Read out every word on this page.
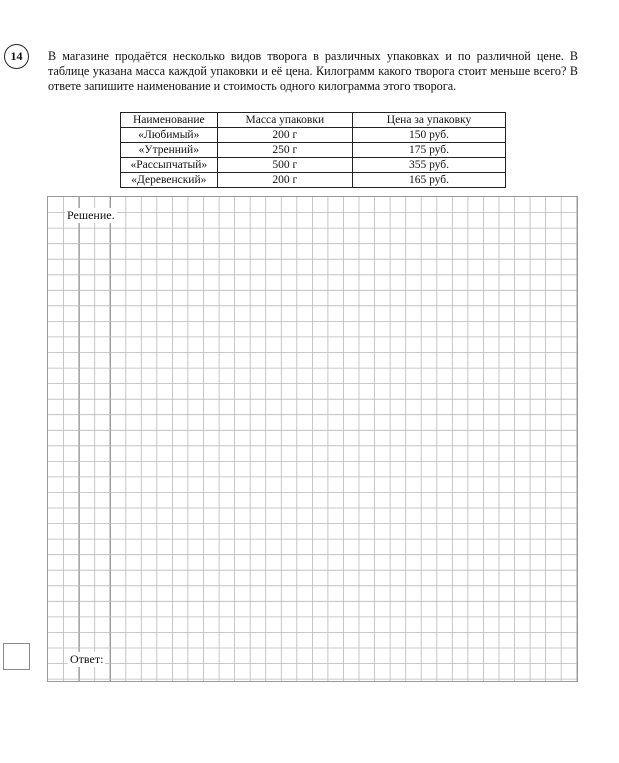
14 В магазине продаётся несколько видов творога в различных упаковках и по различной цене. В таблице указана масса каждой упаковки и её цена. Килограмм какого творога стоит меньше всего? В ответе запишите наименование и стоимость одного килограмма этого творога.

Наименование	Масса упаковки	Цена за упаковку
«Любимый»	200 г	150 руб.
«Утренний»	250 г	175 руб.
«Рассыпчатый»	500 г	355 руб.
«Деревенский»	200 г	165 руб.
Решение.
Ответ:
